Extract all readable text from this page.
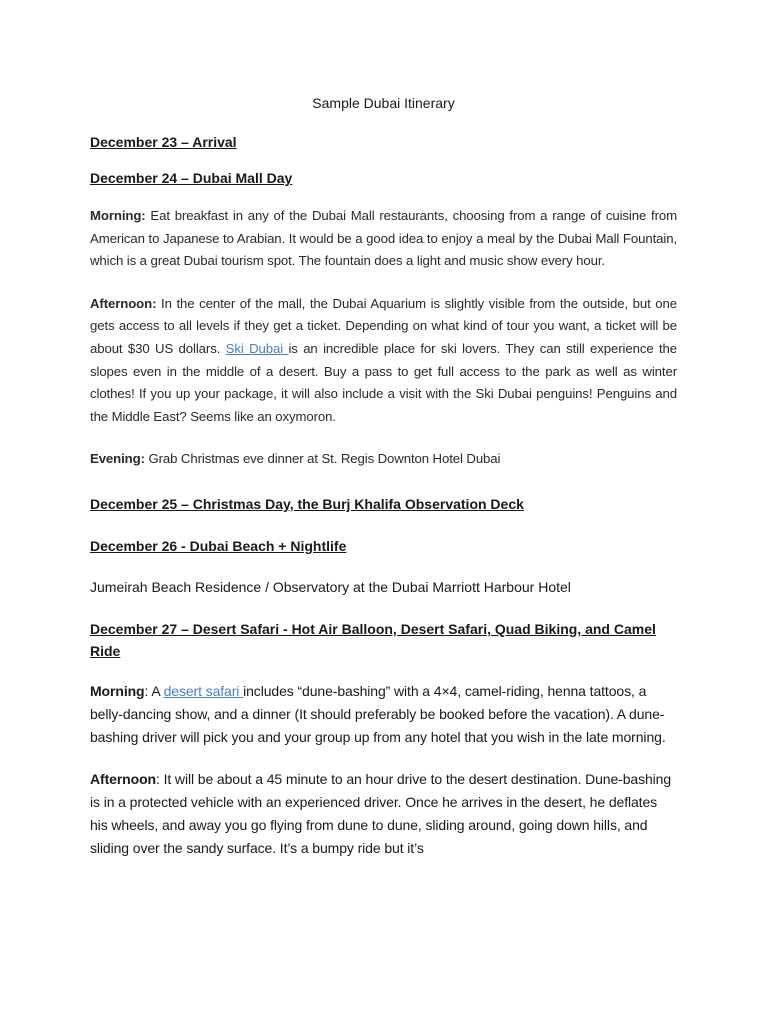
Sample Dubai Itinerary
December 23 – Arrival
December 24 – Dubai Mall Day

Morning: Eat breakfast in any of the Dubai Mall restaurants, choosing from a range of cuisine from American to Japanese to Arabian. It would be a good idea to enjoy a meal by the Dubai Mall Fountain, which is a great Dubai tourism spot. The fountain does a light and music show every hour.

Afternoon: In the center of the mall, the Dubai Aquarium is slightly visible from the outside, but one gets access to all levels if they get a ticket. Depending on what kind of tour you want, a ticket will be about $30 US dollars. Ski Dubai is an incredible place for ski lovers. They can still experience the slopes even in the middle of a desert. Buy a pass to get full access to the park as well as winter clothes! If you up your package, it will also include a visit with the Ski Dubai penguins! Penguins and the Middle East? Seems like an oxymoron.

Evening: Grab Christmas eve dinner at St. Regis Downton Hotel Dubai

December 25 – Christmas Day, the Burj Khalifa Observation Deck
December 26 - Dubai Beach + Nightlife
Jumeirah Beach Residence / Observatory at the Dubai Marriott Harbour Hotel
December 27 – Desert Safari - Hot Air Balloon, Desert Safari, Quad Biking, and Camel Ride

Morning: A desert safari includes “dune-bashing” with a 4×4, camel-riding, henna tattoos, a belly-dancing show, and a dinner (It should preferably be booked before the vacation). A dune-bashing driver will pick you and your group up from any hotel that you wish in the late morning.

Afternoon: It will be about a 45 minute to an hour drive to the desert destination. Dune-bashing is in a protected vehicle with an experienced driver. Once he arrives in the desert, he deflates his wheels, and away you go flying from dune to dune, sliding around, going down hills, and sliding over the sandy surface. It’s a bumpy ride but it’s
